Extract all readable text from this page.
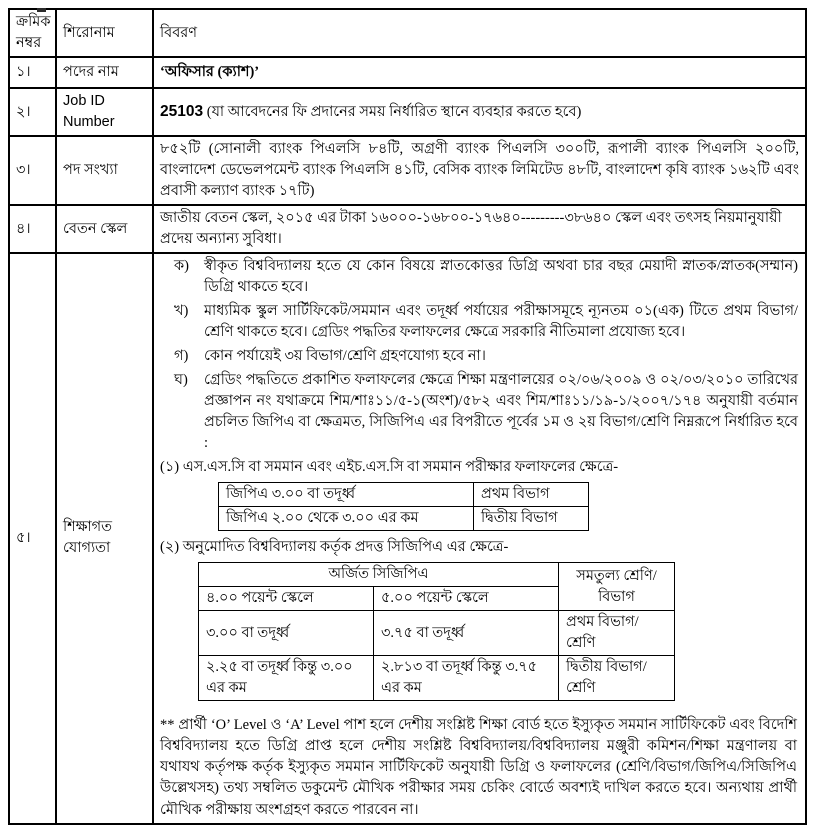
ক্রমিক নম্বর	শিরোনাম	বিবরণ
১।	পদের নাম	‘অফিসার (ক্যাশ)’
২।	Job ID Number	25103 (যা আবেদনের ফি প্রদানের সময় নির্ধারিত স্থানে ব্যবহার করতে হবে)
৩।	পদ সংখ্যা	৮৫২টি (সোনালী ব্যাংক পিএলসি ৮৪টি, অগ্রণী ব্যাংক পিএলসি ৩০০টি, রূপালী ব্যাংক পিএলসি ২০০টি, বাংলাদেশ ডেভেলপমেন্ট ব্যাংক পিএলসি ৪১টি, বেসিক ব্যাংক লিমিটেড ৪৮টি, বাংলাদেশ কৃষি ব্যাংক ১৬২টি এবং প্রবাসী কল্যাণ ব্যাংক ১৭টি)
৪।	বেতন স্কেল	জাতীয় বেতন স্কেল, ২০১৫ এর টাকা ১৬০০০-১৬৮০০-১৭৬৪০---------৩৮৬৪০ স্কেল এবং তৎসহ নিয়মানুযায়ী প্রদেয় অন্যান্য সুবিধা।
৫।	শিক্ষাগত যোগ্যতা	
ক)	স্বীকৃত বিশ্ববিদ্যালয় হতে যে কোন বিষয়ে স্নাতকোত্তর ডিগ্রি অথবা চার বছর মেয়াদী স্নাতক/স্নাতক(সম্মান) ডিগ্রি থাকতে হবে।
খ)	মাধ্যমিক স্কুল সার্টিফিকেট/সমমান এবং তদূর্ধ্ব পর্যায়ের পরীক্ষাসমূহে ন্যূনতম ০১(এক) টিতে প্রথম বিভাগ/শ্রেণি থাকতে হবে। গ্রেডিং পদ্ধতির ফলাফলের ক্ষেত্রে সরকারি নীতিমালা প্রযোজ্য হবে।
গ)	কোন পর্যায়েই ৩য় বিভাগ/শ্রেণি গ্রহণযোগ্য হবে না।
ঘ)	গ্রেডিং পদ্ধতিতে প্রকাশিত ফলাফলের ক্ষেত্রে শিক্ষা মন্ত্রণালয়ের ০২/০৬/২০০৯ ও ০২/০৩/২০১০ তারিখের প্রজ্ঞাপন নং যথাক্রমে শিম/শাঃ১১/৫-১(অংশ)/৫৮২ এবং শিম/শাঃ১১/১৯-১/২০০৭/১৭৪ অনুযায়ী বর্তমান প্রচলিত জিপিএ বা ক্ষেত্রমত, সিজিপিএ এর বিপরীতে পূর্বের ১ম ও ২য় বিভাগ/শ্রেণি নিম্নরূপে নির্ধারিত হবে :
(১) এস.এস.সি বা সমমান এবং এইচ.এস.সি বা সমমান পরীক্ষার ফলাফলের ক্ষেত্রে-
জিপিএ ৩.০০ বা তদূর্ধ্ব	প্রথম বিভাগ
জিপিএ ২.০০ থেকে ৩.০০ এর কম	দ্বিতীয় বিভাগ
(২) অনুমোদিত বিশ্ববিদ্যালয় কর্তৃক প্রদত্ত সিজিপিএ এর ক্ষেত্রে-
অর্জিত সিজিপিএ	সমতুল্য শ্রেণি/বিভাগ
৪.০০ পয়েন্ট স্কেলে	৫.০০ পয়েন্ট স্কেলে
৩.০০ বা তদূর্ধ্ব	৩.৭৫ বা তদূর্ধ্ব	প্রথম বিভাগ/শ্রেণি
২.২৫ বা তদূর্ধ্ব কিন্তু ৩.০০ এর কম	২.৮১৩ বা তদূর্ধ্ব কিন্তু ৩.৭৫ এর কম	দ্বিতীয় বিভাগ/শ্রেণি
** প্রার্থী ‘O’ Level ও ‘A’ Level পাশ হলে দেশীয় সংশ্লিষ্ট শিক্ষা বোর্ড হতে ইস্যুকৃত সমমান সার্টিফিকেট এবং বিদেশি বিশ্ববিদ্যালয় হতে ডিগ্রি প্রাপ্ত হলে দেশীয় সংশ্লিষ্ট বিশ্ববিদ্যালয়/বিশ্ববিদ্যালয় মঞ্জুরী কমিশন/শিক্ষা মন্ত্রণালয় বা যথাযথ কর্তৃপক্ষ কর্তৃক ইস্যুকৃত সমমান সার্টিফিকেট অনুযায়ী ডিগ্রি ও ফলাফলের (শ্রেণি/বিভাগ/জিপিএ/সিজিপিএ উল্লেখসহ) তথ্য সম্বলিত ডকুমেন্ট মৌখিক পরীক্ষার সময় চেকিং বোর্ডে অবশ্যই দাখিল করতে হবে। অন্যথায় প্রার্থী মৌখিক পরীক্ষায় অংশগ্রহণ করতে পারবেন না।
